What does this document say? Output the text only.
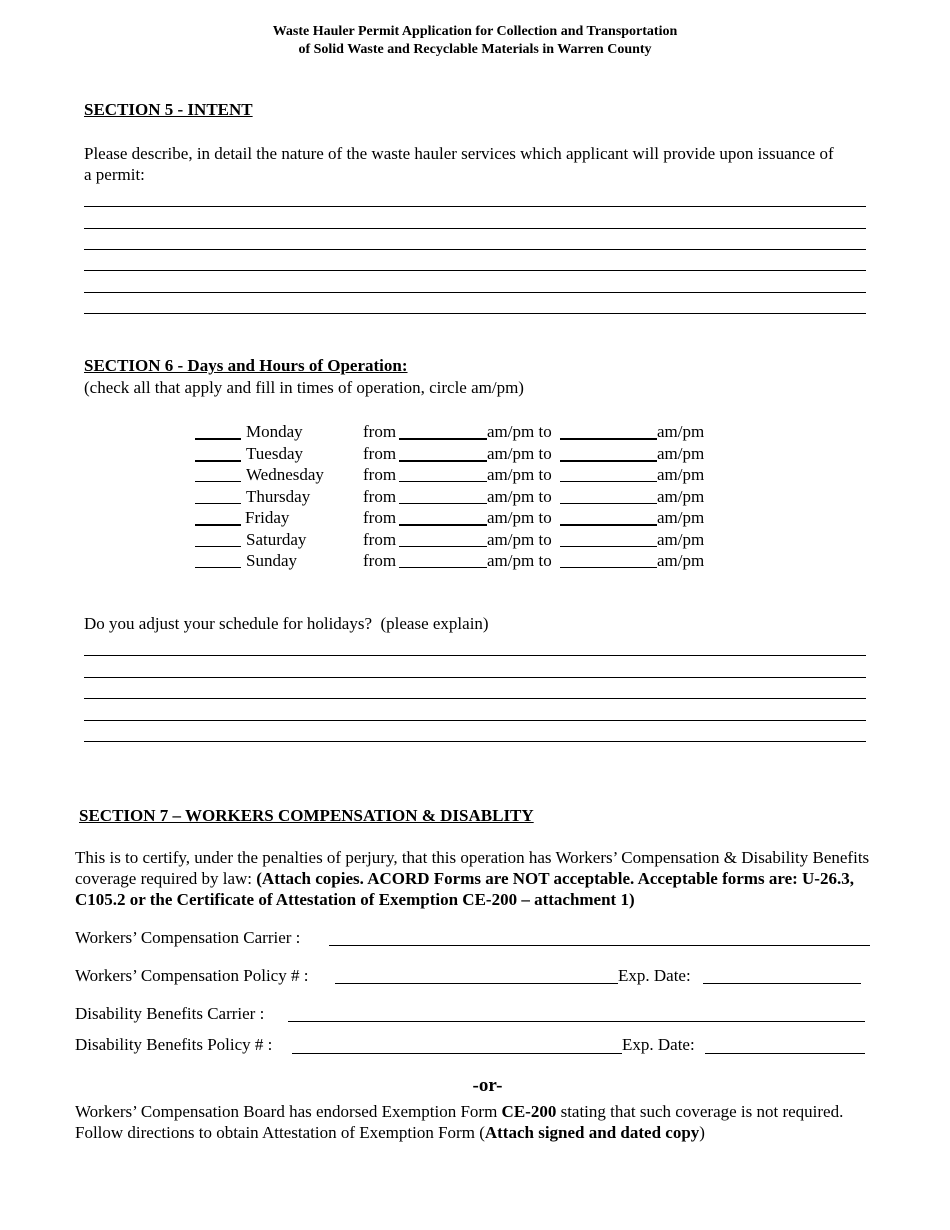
Waste Hauler Permit Application for Collection and Transportation
of Solid Waste and Recyclable Materials in Warren County
SECTION 5 - INTENT
Please describe, in detail the nature of the waste hauler services which applicant will provide upon issuance of a permit:
SECTION 6 - Days and Hours of Operation:
(check all that apply and fill in times of operation, circle am/pm)
Monday	from	am/pm to	am/pm
Tuesday	from	am/pm to	am/pm
Wednesday from	am/pm to	am/pm
Thursday	from	am/pm to	am/pm
Friday	from	am/pm to	am/pm
Saturday	from	am/pm to	am/pm
Sunday	from	am/pm to	am/pm
Do you adjust your schedule for holidays?  (please explain)
SECTION 7 – WORKERS COMPENSATION & DISABLITY
This is to certify, under the penalties of perjury, that this operation has Workers’ Compensation & Disability Benefits coverage required by law: (Attach copies. ACORD Forms are NOT acceptable. Acceptable forms are: U-26.3, C105.2 or the Certificate of Attestation of Exemption CE-200 – attachment 1)
Workers’ Compensation Carrier :
Workers’ Compensation Policy # :	Exp. Date:
Disability Benefits Carrier :
Disability Benefits Policy # :	Exp. Date:
-or-
Workers’ Compensation Board has endorsed Exemption Form CE-200 stating that such coverage is not required. Follow directions to obtain Attestation of Exemption Form (Attach signed and dated copy)
